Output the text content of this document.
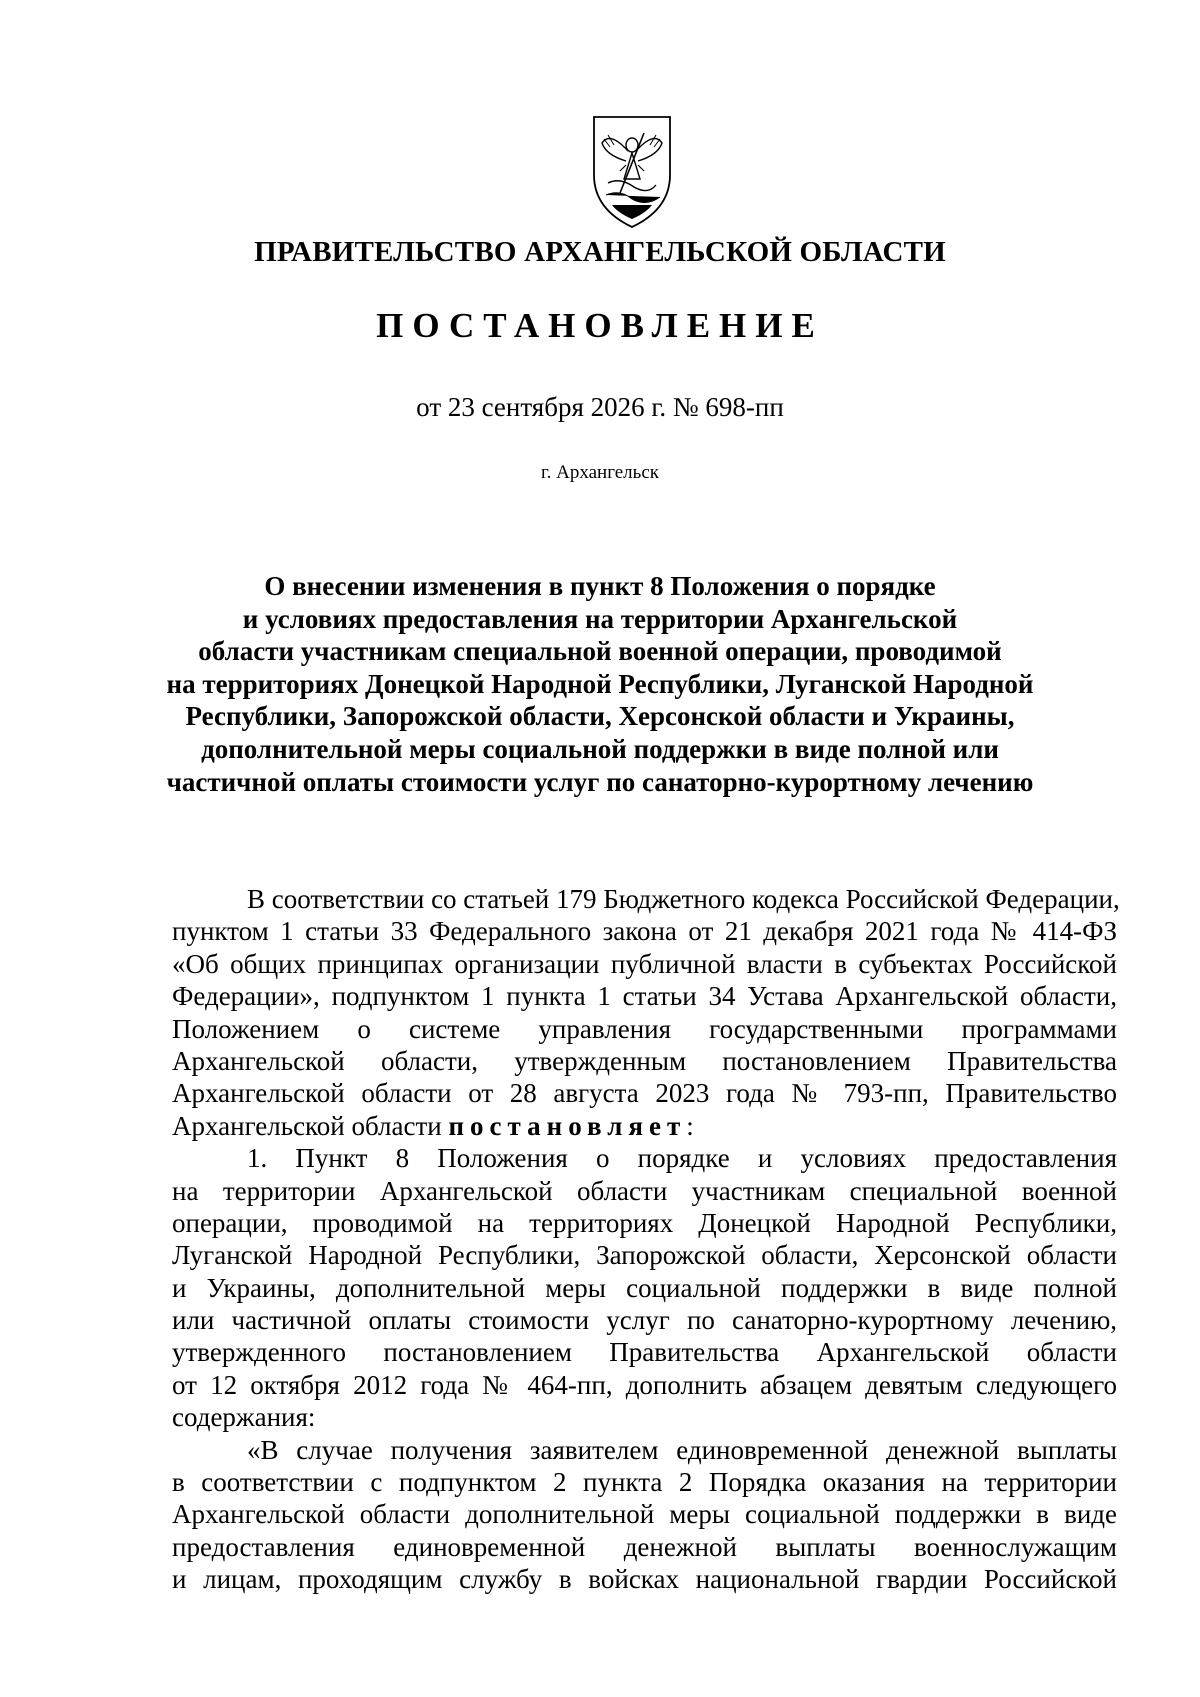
ПРАВИТЕЛЬСТВО АРХАНГЕЛЬСКОЙ ОБЛАСТИ
ПОСТАНОВЛЕНИЕ
от 23 сентября 2026 г. № 698-пп
г. Архангельск
О внесении изменения в пункт 8 Положения о порядке
и условиях предоставления на территории Архангельской
области участникам специальной военной операции, проводимой
на территориях Донецкой Народной Республики, Луганской Народной
Республики, Запорожской области, Херсонской области и Украины,
дополнительной меры социальной поддержки в виде полной или
частичной оплаты стоимости услуг по санаторно-курортному лечению
В соответствии со статьей 179 Бюджетного кодекса Российской Федерации,
пунктом 1 статьи 33 Федерального закона от 21 декабря 2021 года № 414-ФЗ
«Об общих принципах организации публичной власти в субъектах Российской
Федерации», подпунктом 1 пункта 1 статьи 34 Устава Архангельской области,
Положением о системе управления государственными программами
Архангельской области, утвержденным постановлением Правительства
Архангельской области от 28 августа 2023 года № 793-пп, Правительство
Архангельской области постановляет:
1. Пункт 8 Положения о порядке и условиях предоставления
на территории Архангельской области участникам специальной военной
операции, проводимой на территориях Донецкой Народной Республики,
Луганской Народной Республики, Запорожской области, Херсонской области
и Украины, дополнительной меры социальной поддержки в виде полной
или частичной оплаты стоимости услуг по санаторно-курортному лечению,
утвержденного постановлением Правительства Архангельской области
от 12 октября 2012 года № 464-пп, дополнить абзацем девятым следующего
содержания:
«В случае получения заявителем единовременной денежной выплаты
в соответствии с подпунктом 2 пункта 2 Порядка оказания на территории
Архангельской области дополнительной меры социальной поддержки в виде
предоставления единовременной денежной выплаты военнослужащим
и лицам, проходящим службу в войсках национальной гвардии Российской
